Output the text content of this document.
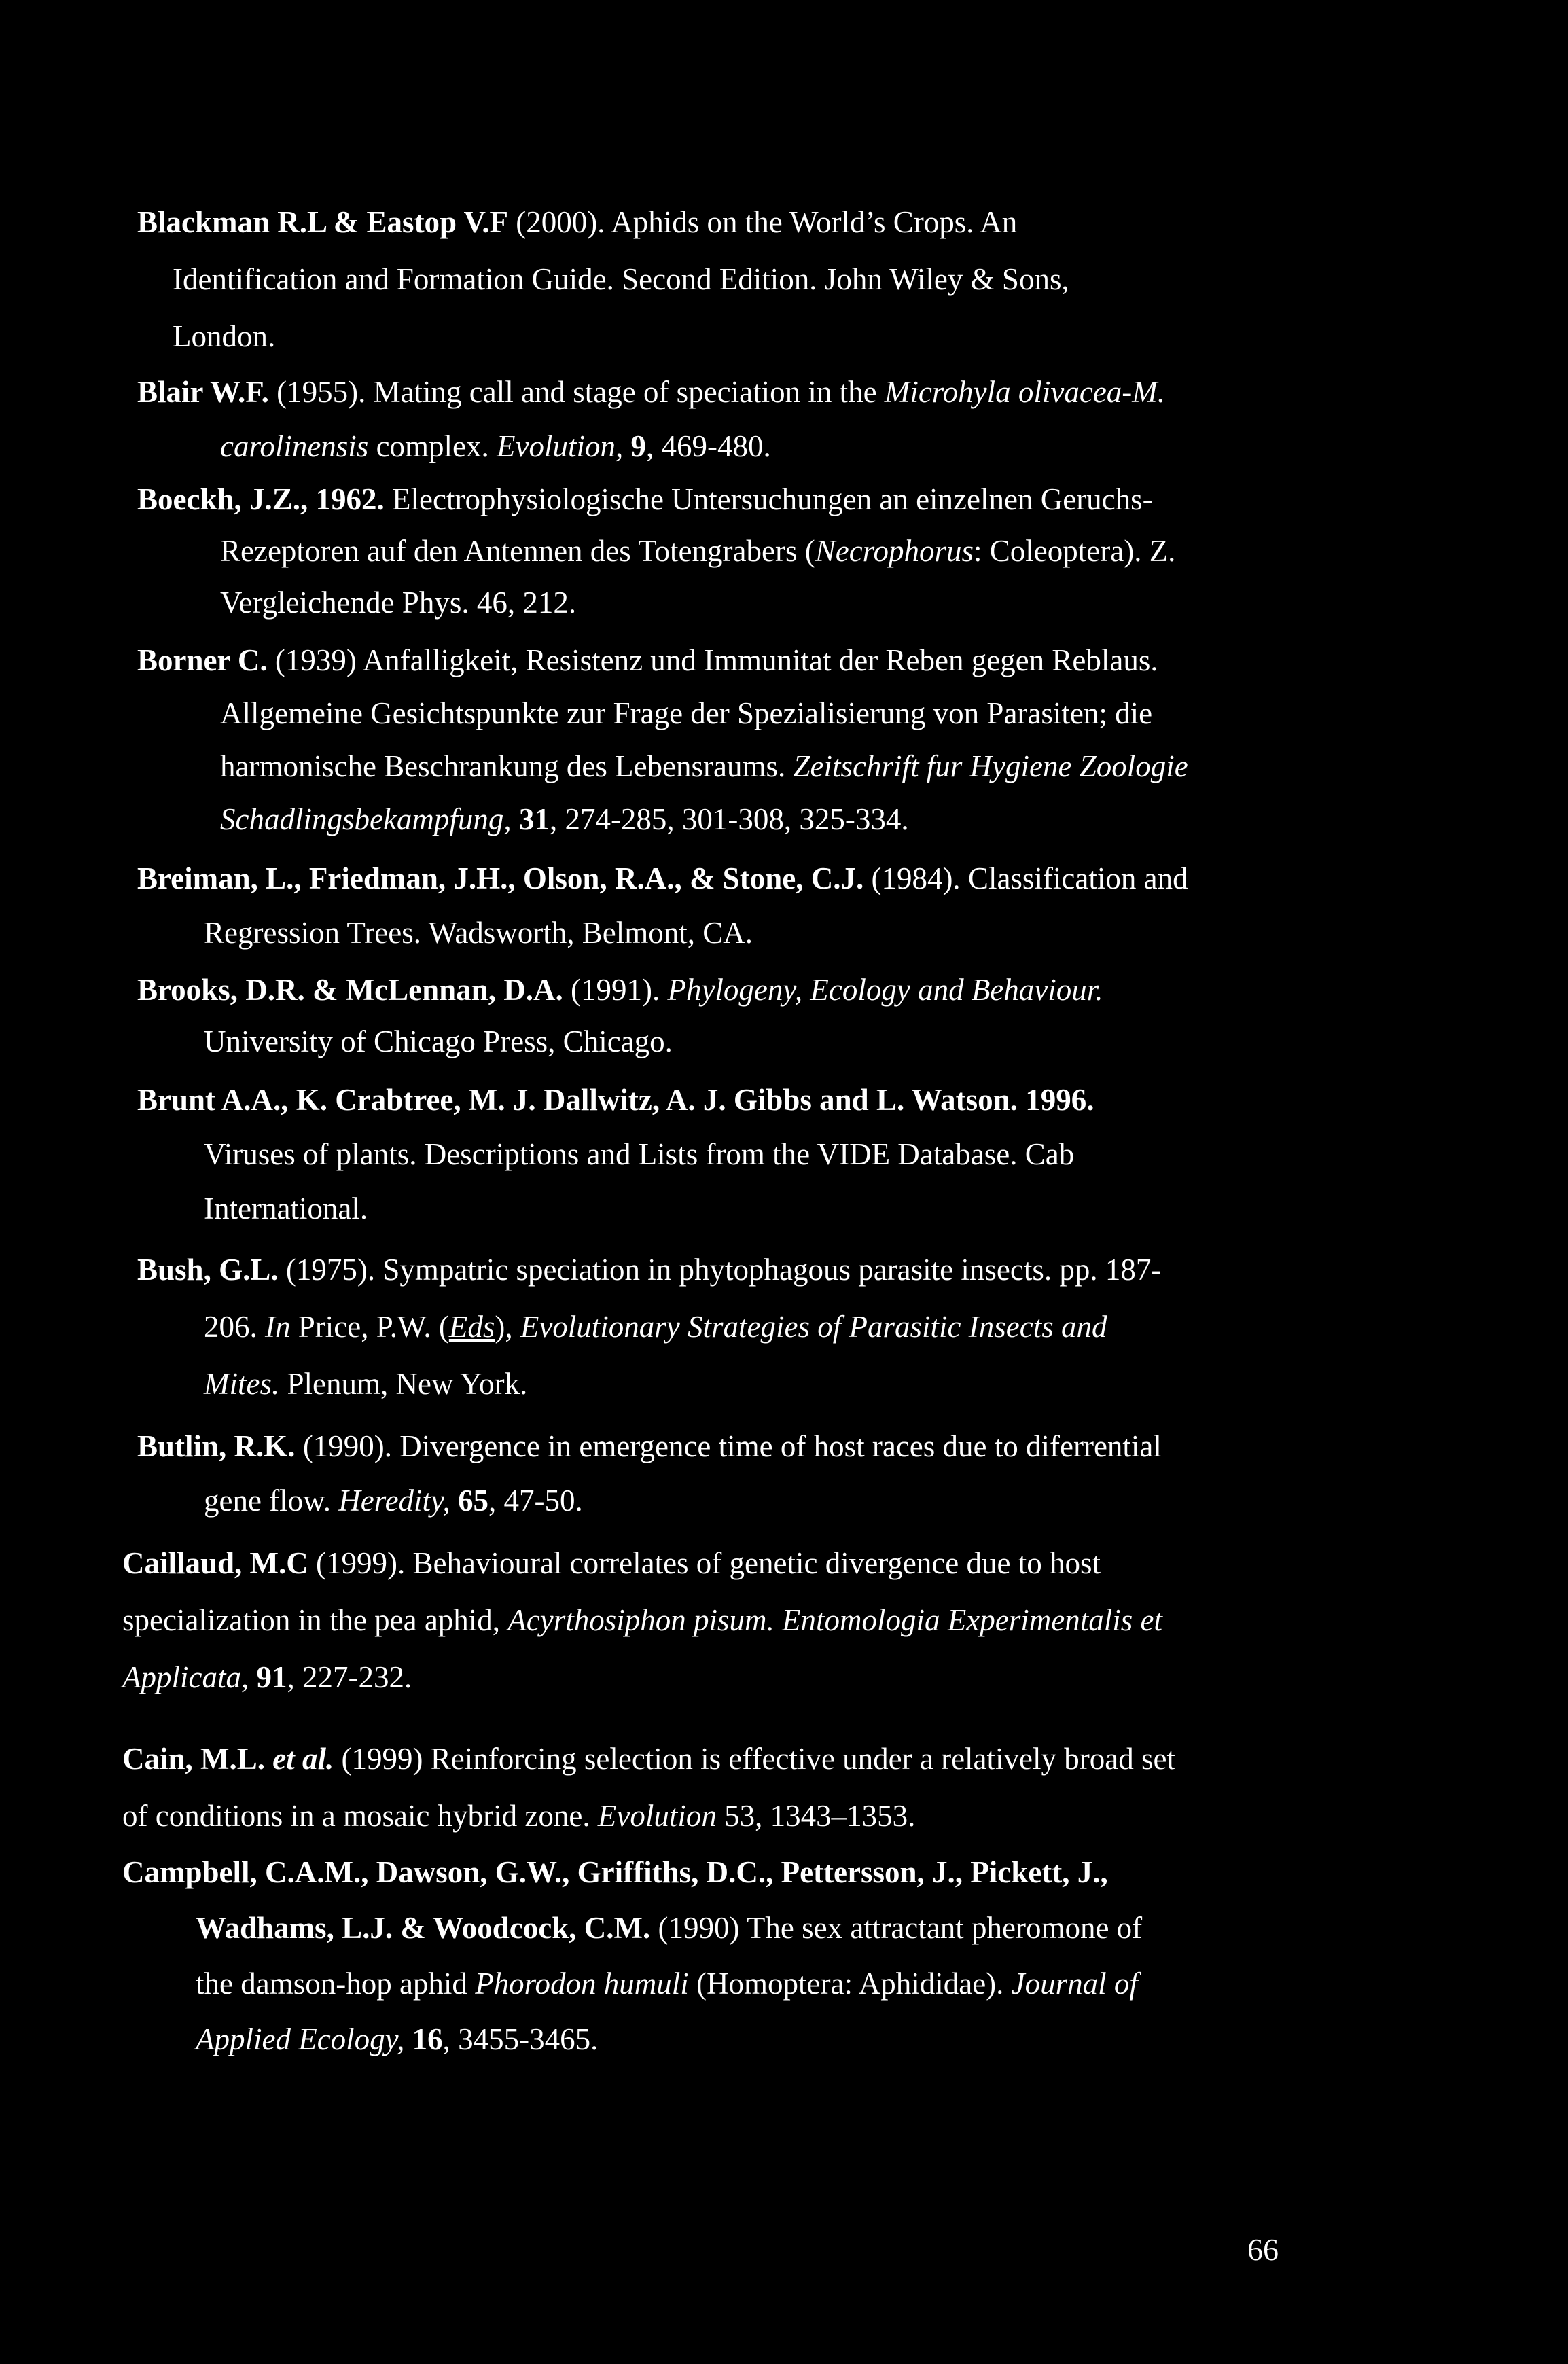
Blackman R.L & Eastop V.F (2000). Aphids on the World’s Crops. An
Identification and Formation Guide. Second Edition. John Wiley & Sons,
London.

Blair W.F. (1955). Mating call and stage of speciation in the Microhyla olivacea-M.
carolinensis complex. Evolution, 9, 469-480.

Boeckh, J.Z., 1962. Electrophysiologische Untersuchungen an einzelnen Geruchs-
Rezeptoren auf den Antennen des Totengrabers (Necrophorus: Coleoptera). Z.
Vergleichende Phys. 46, 212.

Borner C. (1939) Anfalligkeit, Resistenz und Immunitat der Reben gegen Reblaus.
Allgemeine Gesichtspunkte zur Frage der Spezialisierung von Parasiten; die
harmonische Beschrankung des Lebensraums. Zeitschrift fur Hygiene Zoologie
Schadlingsbekampfung, 31, 274-285, 301-308, 325-334.

Breiman, L., Friedman, J.H., Olson, R.A., & Stone, C.J. (1984). Classification and
Regression Trees. Wadsworth, Belmont, CA.

Brooks, D.R. & McLennan, D.A. (1991). Phylogeny, Ecology and Behaviour.
University of Chicago Press, Chicago.

Brunt A.A., K. Crabtree, M. J. Dallwitz, A. J. Gibbs and L. Watson. 1996.
Viruses of plants. Descriptions and Lists from the VIDE Database. Cab
International.

Bush, G.L. (1975). Sympatric speciation in phytophagous parasite insects. pp. 187-
206. In Price, P.W. (Eds), Evolutionary Strategies of Parasitic Insects and
Mites. Plenum, New York.

Butlin, R.K. (1990). Divergence in emergence time of host races due to diferrential
gene flow. Heredity, 65, 47-50.

Caillaud, M.C (1999). Behavioural correlates of genetic divergence due to host
specialization in the pea aphid, Acyrthosiphon pisum. Entomologia Experimentalis et
Applicata, 91, 227-232.

Cain, M.L. et al. (1999) Reinforcing selection is effective under a relatively broad set
of conditions in a mosaic hybrid zone. Evolution 53, 1343–1353.

Campbell, C.A.M., Dawson, G.W., Griffiths, D.C., Pettersson, J., Pickett, J.,
Wadhams, L.J. & Woodcock, C.M. (1990) The sex attractant pheromone of
the damson-hop aphid Phorodon humuli (Homoptera: Aphididae). Journal of
Applied Ecology, 16, 3455-3465.

66
